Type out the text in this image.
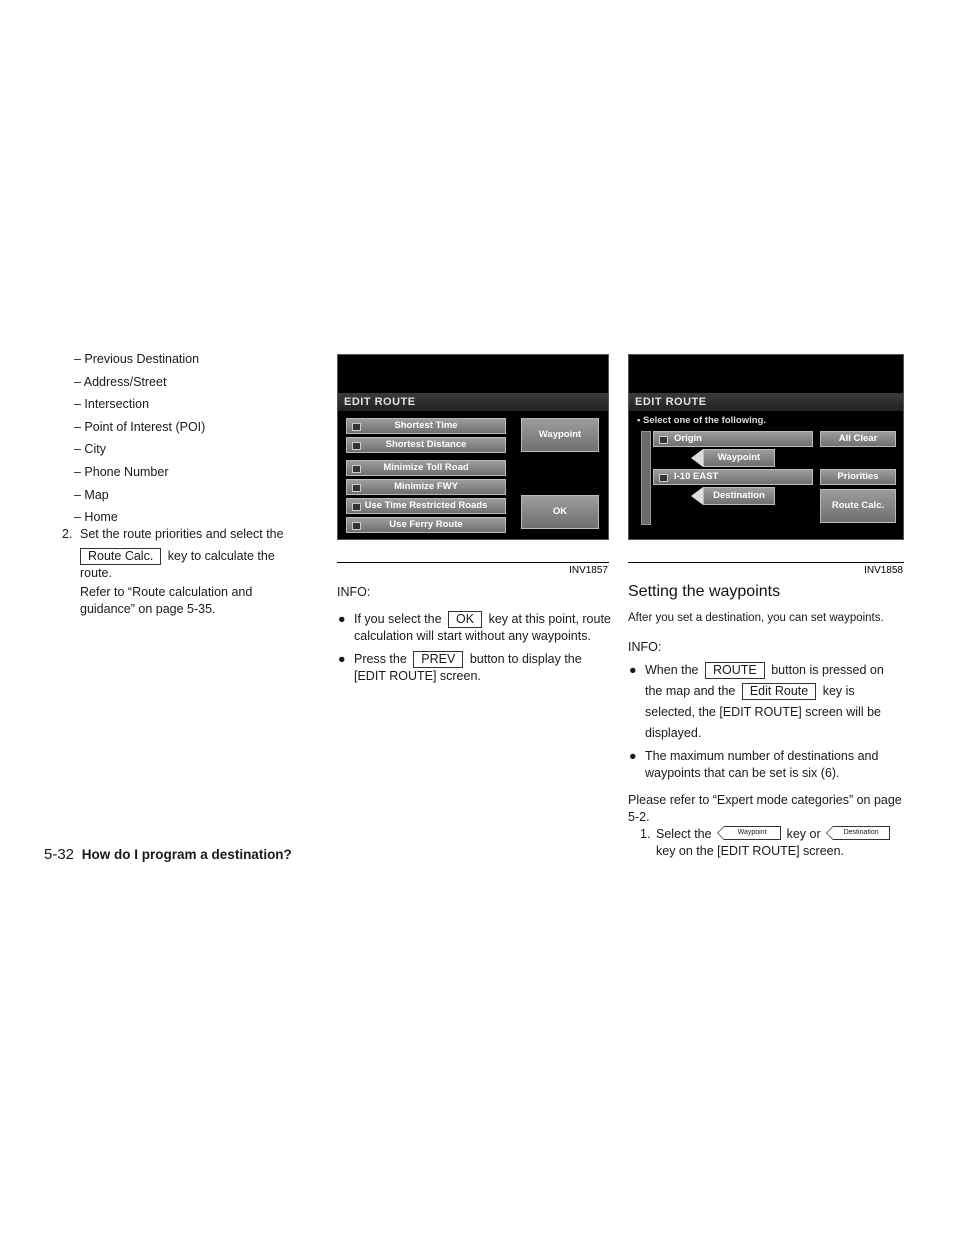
– Previous Destination
– Address/Street
– Intersection
– Point of Interest (POI)
– City
– Phone Number
– Map
– Home
2. Set the route priorities and select the
Route Calc. key to calculate the route.
Refer to “Route calculation and guidance” on page 5-35.
EDIT ROUTE
Shortest Time
Shortest Distance
Minimize Toll Road
Minimize FWY
Use Time Restricted Roads
Use Ferry Route
Waypoint
OK
INV1857
INFO:
● If you select the OK key at this point, route calculation will start without any waypoints.
● Press the PREV button to display the [EDIT ROUTE] screen.
EDIT ROUTE
▪ Select one of the following.
Origin
Waypoint
I-10 EAST
Destination
All Clear
Priorities
Route Calc.
INV1858
Setting the waypoints
After you set a destination, you can set waypoints.
INFO:
● When the ROUTE button is pressed on the map and the Edit Route key is selected, the [EDIT ROUTE] screen will be displayed.
● The maximum number of destinations and waypoints that can be set is six (6).
Please refer to “Expert mode categories” on page 5-2.
1. Select the	Waypoint key or	Destination key on the [EDIT ROUTE] screen.
5-32 How do I program a destination?
